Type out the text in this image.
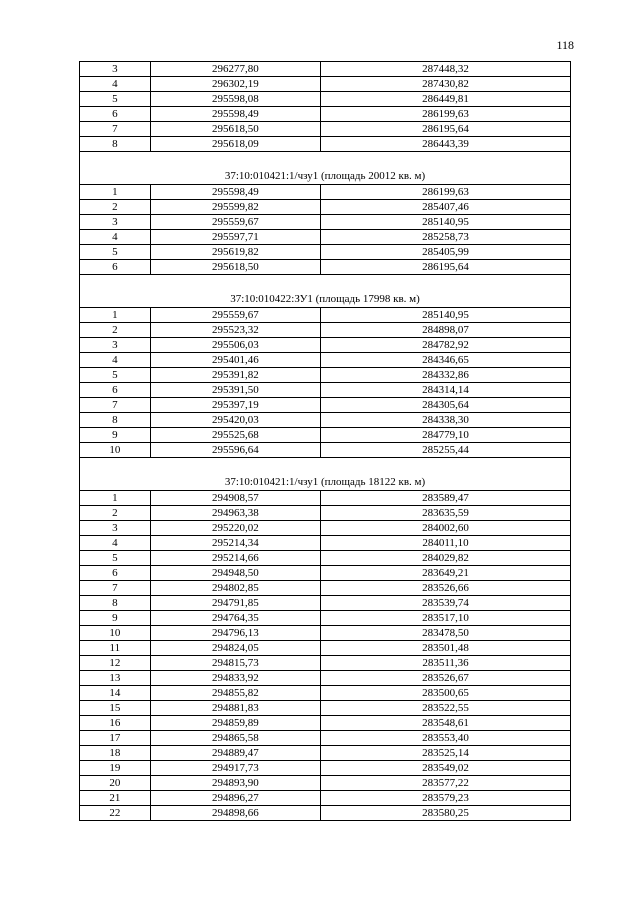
118
3	296277,80	287448,32
4	296302,19	287430,82
5	295598,08	286449,81
6	295598,49	286199,63
7	295618,50	286195,64
8	295618,09	286443,39
37:10:010421:1/чзу1 (площадь 20012 кв. м)		
1	295598,49	286199,63
2	295599,82	285407,46
3	295559,67	285140,95
4	295597,71	285258,73
5	295619,82	285405,99
6	295618,50	286195,64
37:10:010422:ЗУ1 (площадь 17998 кв. м)		
1	295559,67	285140,95
2	295523,32	284898,07
3	295506,03	284782,92
4	295401,46	284346,65
5	295391,82	284332,86
6	295391,50	284314,14
7	295397,19	284305,64
8	295420,03	284338,30
9	295525,68	284779,10
10	295596,64	285255,44
37:10:010421:1/чзу1 (площадь 18122 кв. м)		
1	294908,57	283589,47
2	294963,38	283635,59
3	295220,02	284002,60
4	295214,34	284011,10
5	295214,66	284029,82
6	294948,50	283649,21
7	294802,85	283526,66
8	294791,85	283539,74
9	294764,35	283517,10
10	294796,13	283478,50
11	294824,05	283501,48
12	294815,73	283511,36
13	294833,92	283526,67
14	294855,82	283500,65
15	294881,83	283522,55
16	294859,89	283548,61
17	294865,58	283553,40
18	294889,47	283525,14
19	294917,73	283549,02
20	294893,90	283577,22
21	294896,27	283579,23
22	294898,66	283580,25
